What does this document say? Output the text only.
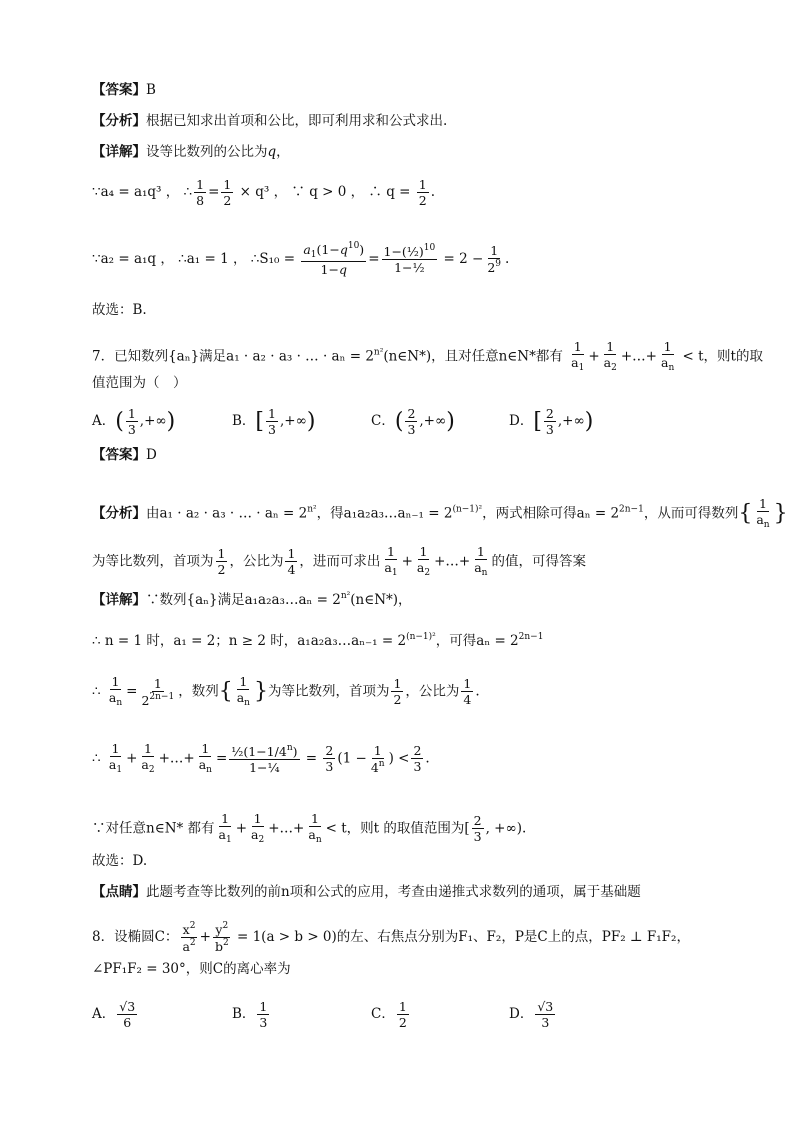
【答案】B
【分析】根据已知求出首项和公比，即可利用求和公式求出.
【详解】设等比数列的公比为q，
∵a₄ = a₁q³ ， ∴ $\frac{1}{8} = \frac{1}{2} \times q^3$ ， ∵ q > 0 ， ∴ $q = \frac{1}{2}$ .
∵a₂ = a₁q ， ∴a₁ = 1 ， ∴S₁₀ = $\frac{a_1(1-q^{10})}{1-q} = \frac{1-(\frac{1}{2})^{10}}{\text{1−½}} = 2 - \frac{1}{2^9}$ .
故选：B.
7．已知数列{aₙ}满足a₁ · a₂ · a₃ · … · $a_n = 2^{n^2}(n\in N*)$，且对任意n∈N*都有 $\frac{1}{a_1} + \frac{1}{a_2}$ +…+ $\frac{1}{a_n} < t$，则t的取
值范围为（　）
A．( $\frac{1}{3}$ ,+∞)	B．[ $\frac{1}{3}$ ,+∞)	C．( $\frac{2}{3}$ ,+∞)	D．[ $\frac{2}{3}$ ,+∞)
【答案】D
【分析】由a₁ · a₂ · a₃ · … · $a_n = 2^{n^2}$，得a₁a₂a₃…aₙ₋₁ = $2^{(n-1)^2}$，两式相除可得$a_n = 2^{2n-1}$，从而可得数列{ $\frac{1}{a_n}$ }
为等比数列，首项为 $\frac{1}{2}$ ，公比为 $\frac{1}{4}$ ，进而可求出 $\frac{1}{a_1} + \frac{1}{a_2}$ +…+ $\frac{1}{a_n}$ 的值，可得答案
【详解】∵数列{aₙ}满足a₁a₂a₃…aₙ = $2^{n^2}(n\in N*)$，
∴ n = 1 时，a₁ = 2；n ≥ 2 时，a₁a₂a₃…aₙ₋₁ = $2^{(n-1)^2}$，可得$a_n = 2^{2n-1}$
∴ $\frac{1}{a_n} = \frac{1}{2^{2n-1}}$ ，数列{ $\frac{1}{a_n}$ }为等比数列，首项为 $\frac{1}{2}$ ，公比为 $\frac{1}{4}$ .
∴ $\frac{1}{a_1} + \frac{1}{a_2}$ +…+ $\frac{1}{a_n} = \frac{\frac{1}{2}(1-1/4^n)}{\text{1−¼}} = \frac{2}{3} (1 - \frac{1}{4^n}$ ) < $\frac{2}{3}$ .
∵对任意n∈N* 都有 $\frac{1}{a_1} + \frac{1}{a_2}$ +…+ $\frac{1}{a_n} < t$，则t 的取值范围为[ $\frac{2}{3}$ , +∞).
故选：D.
【点睛】此题考查等比数列的前n项和公式的应用，考查由递推式求数列的通项，属于基础题
8．设椭圆C： $\frac{x^2}{a^2} + \frac{y^2}{b^2} = 1(a > b > 0)$的左、右焦点分别为F₁、F₂，P是C上的点，PF₂ ⊥ F₁F₂，
∠PF₁F₂ = 30°，则C的离心率为
A． $\frac{√3}{6}$	B． $\frac{1}{3}$	C． $\frac{1}{2}$	D． $\frac{√3}{3}$
